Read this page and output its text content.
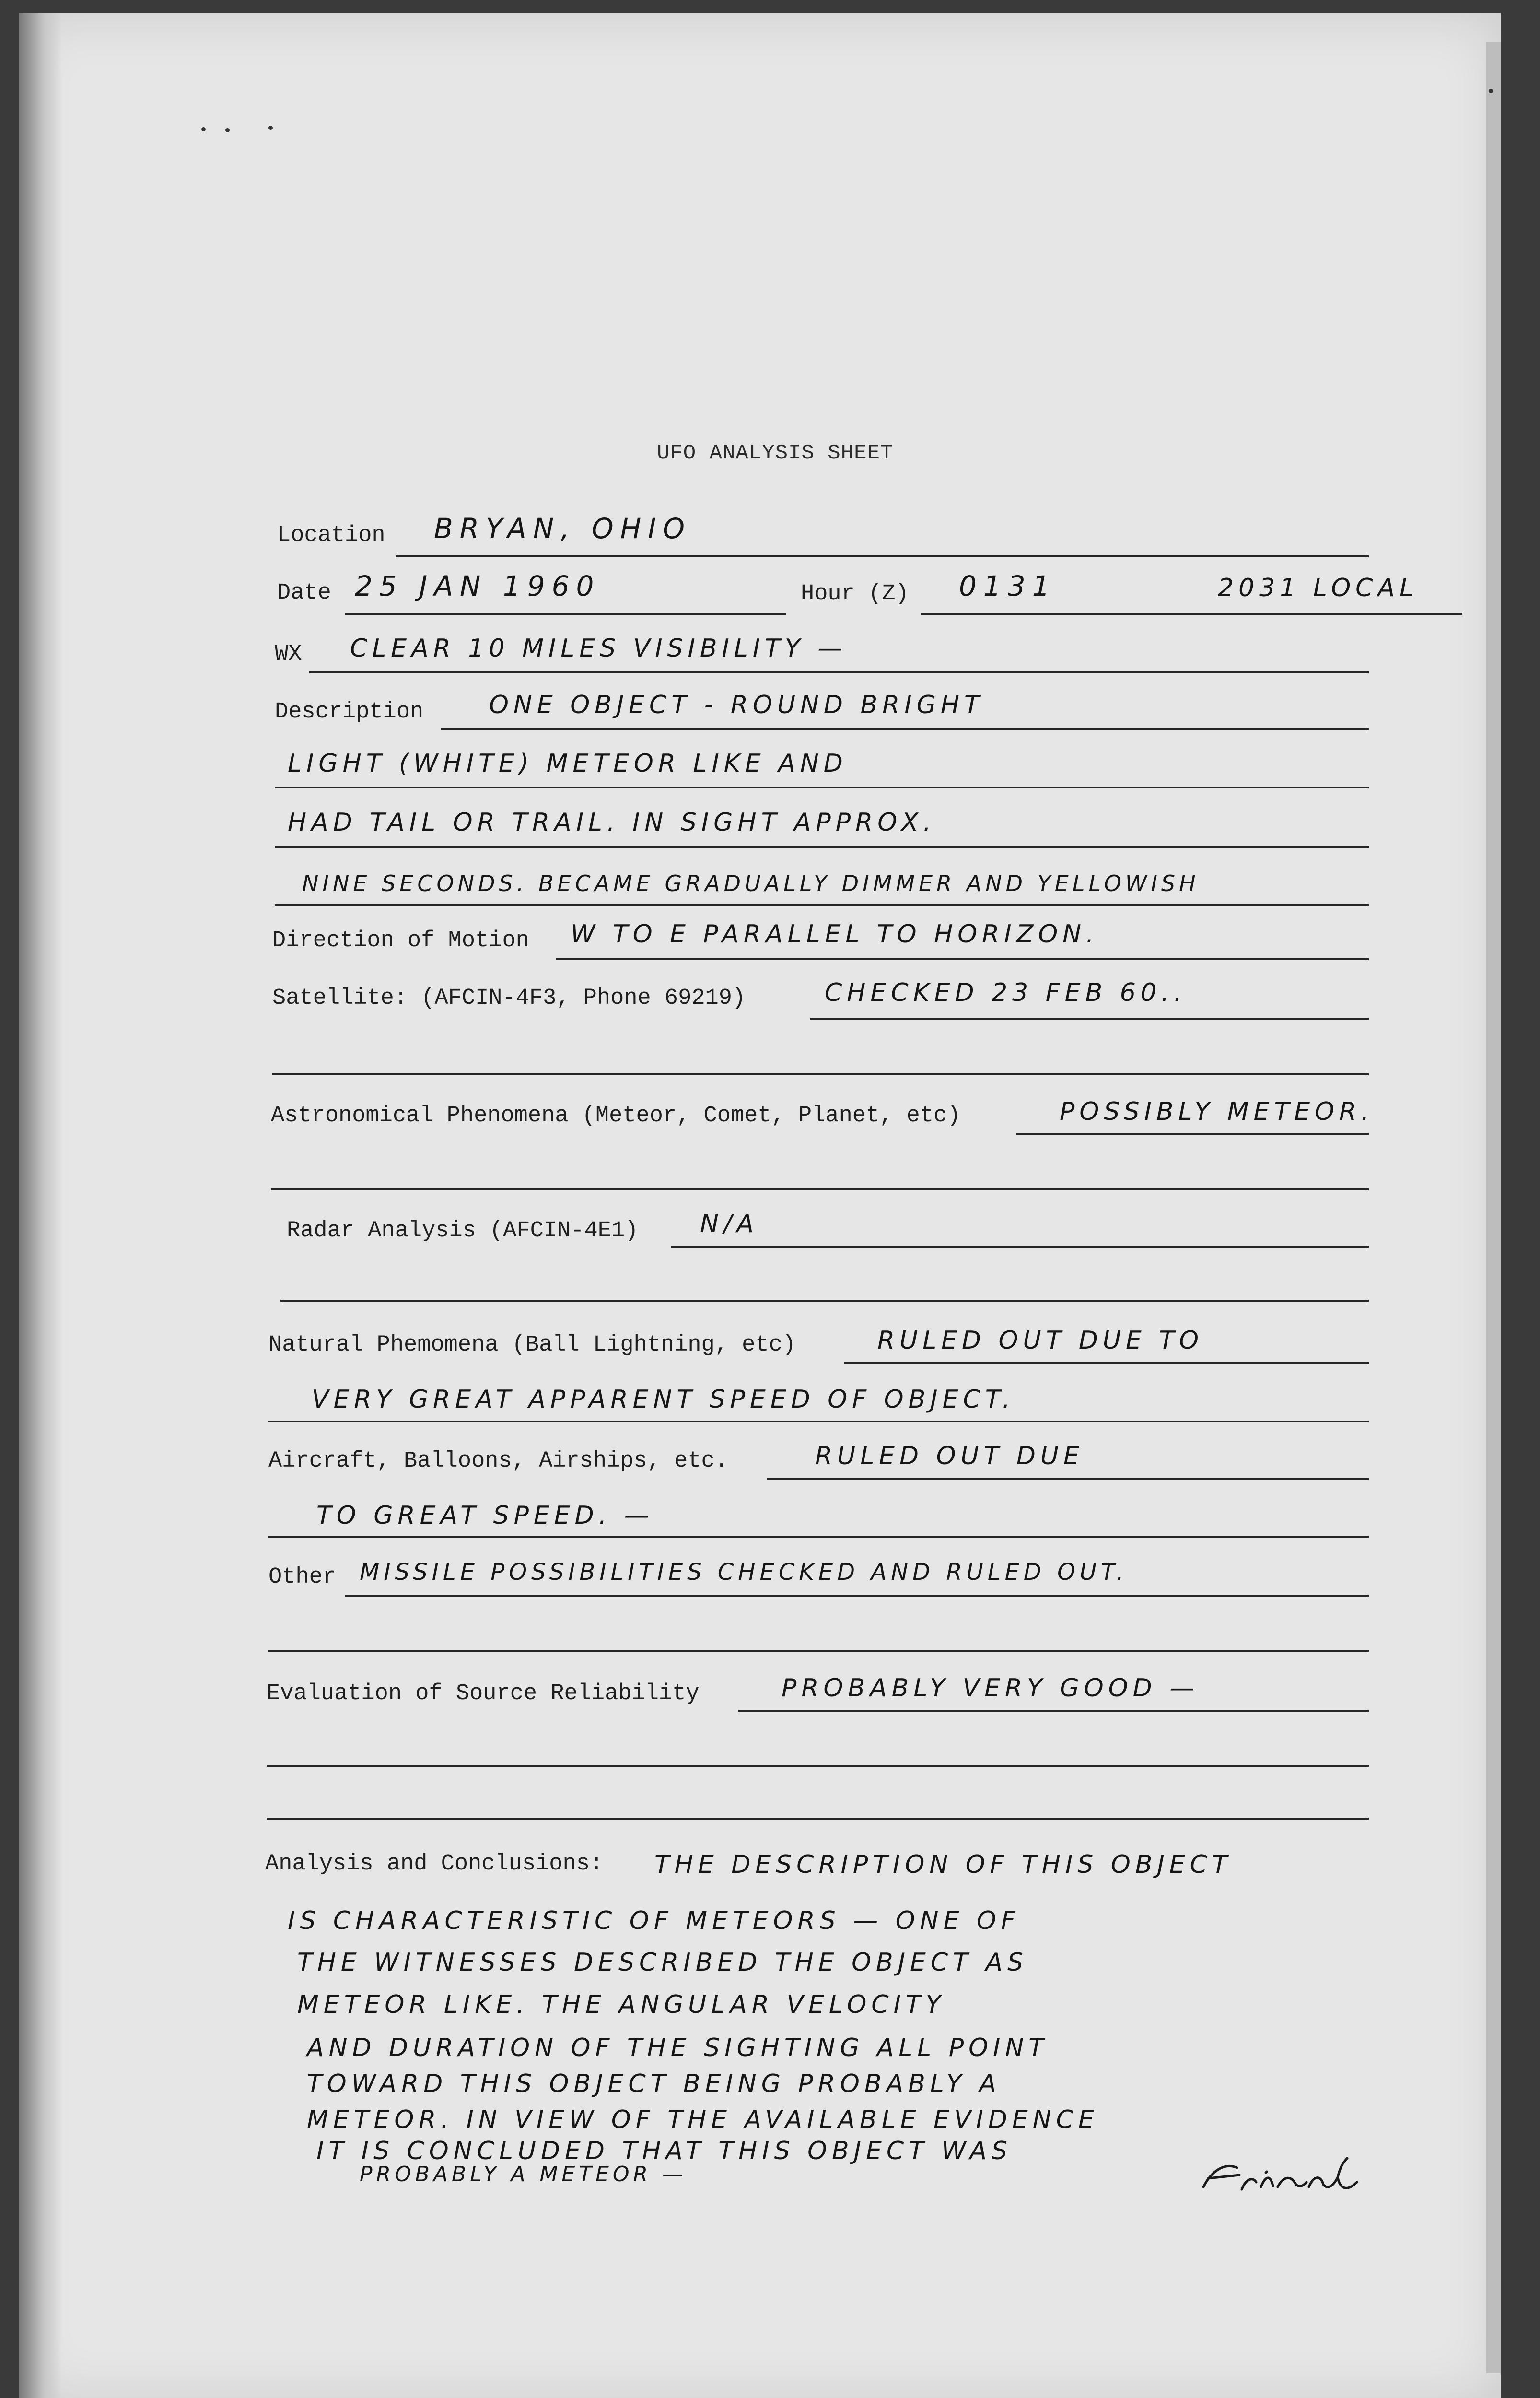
UFO ANALYSIS SHEET
Location BRYAN, OHIO
Date 25 JAN 1960	Hour (Z) 0131	2031 LOCAL
WX CLEAR 10 MILES VISIBILITY —
Description	ONE OBJECT - ROUND BRIGHT
LIGHT (WHITE) METEOR LIKE AND
HAD TAIL OR TRAIL. IN SIGHT APPROX.
NINE SECONDS. BECAME GRADUALLY DIMMER AND YELLOWISH
Direction of Motion W TO E PARALLEL TO HORIZON.
Satellite: (AFCIN-4F3, Phone 69219)	CHECKED 23 FEB 60..
Astronomical Phenomena (Meteor, Comet, Planet, etc)	POSSIBLY METEOR.
Radar Analysis (AFCIN-4E1) N/A
Natural Phemomena (Ball Lightning, etc)	RULED OUT DUE TO
VERY GREAT APPARENT SPEED OF OBJECT.
Aircraft, Balloons, Airships, etc.	RULED OUT DUE
TO GREAT SPEED. —
Other MISSILE POSSIBILITIES CHECKED AND RULED OUT.
Evaluation of Source Reliability	PROBABLY VERY GOOD —
Analysis and Conclusions: THE DESCRIPTION OF THIS OBJECT
IS CHARACTERISTIC OF METEORS — ONE OF
THE WITNESSES DESCRIBED THE OBJECT AS
METEOR LIKE. THE ANGULAR VELOCITY
AND DURATION OF THE SIGHTING ALL POINT
TOWARD THIS OBJECT BEING PROBABLY A
METEOR. IN VIEW OF THE AVAILABLE EVIDENCE
IT IS CONCLUDED THAT THIS OBJECT WAS
PROBABLY A METEOR —
